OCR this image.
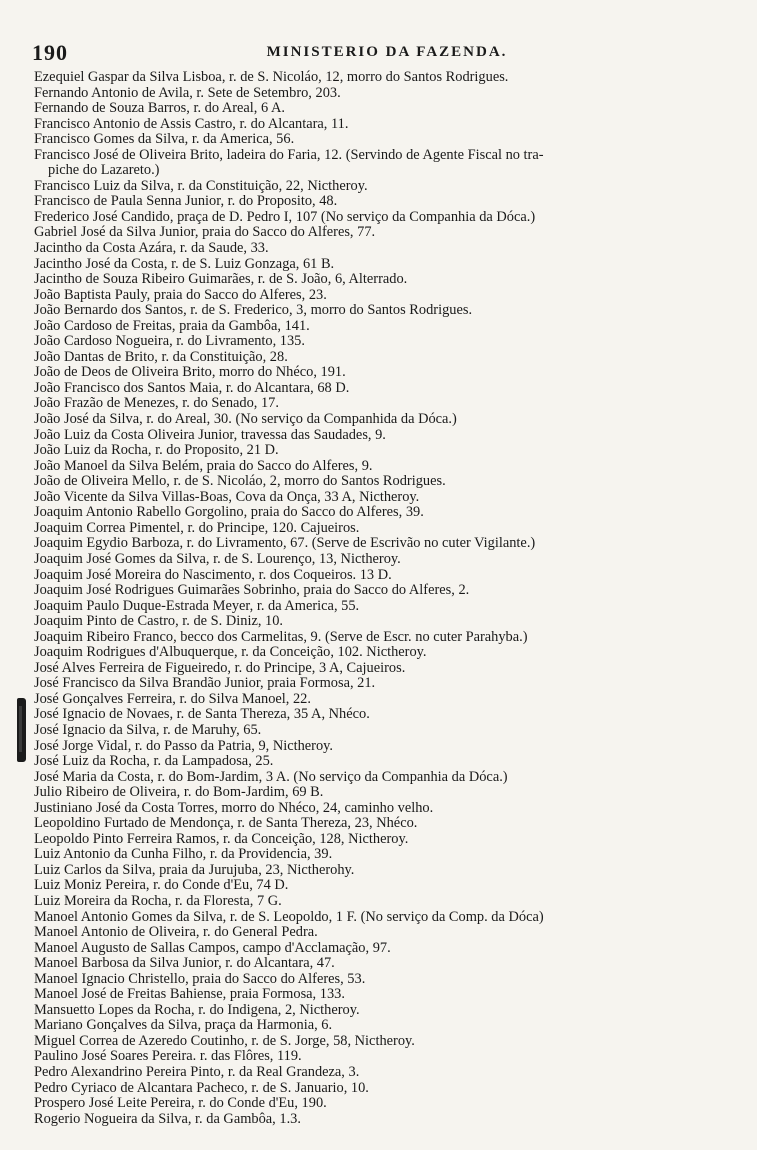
190	MINISTERIO DA FAZENDA.

Ezequiel Gaspar da Silva Lisboa, r. de S. Nicoláo, 12, morro do Santos Rodrigues.

Fernando Antonio de Avila, r. Sete de Setembro, 203.

Fernando de Souza Barros, r. do Areal, 6 A.

Francisco Antonio de Assis Castro, r. do Alcantara, 11.

Francisco Gomes da Silva, r. da America, 56.

Francisco José de Oliveira Brito, ladeira do Faria, 12. (Servindo de Agente Fiscal no tra-
piche do Lazareto.)

Francisco Luiz da Silva, r. da Constituição, 22, Nictheroy.

Francisco de Paula Senna Junior, r. do Proposito, 48.

Frederico José Candido, praça de D. Pedro I, 107 (No serviço da Companhia da Dóca.)

Gabriel José da Silva Junior, praia do Sacco do Alferes, 77.

Jacintho da Costa Azára, r. da Saude, 33.

Jacintho José da Costa, r. de S. Luiz Gonzaga, 61 B.

Jacintho de Souza Ribeiro Guimarães, r. de S. João, 6, Alterrado.

João Baptista Pauly, praia do Sacco do Alferes, 23.

João Bernardo dos Santos, r. de S. Frederico, 3, morro do Santos Rodrigues.

João Cardoso de Freitas, praia da Gambôa, 141.

João Cardoso Nogueira, r. do Livramento, 135.

João Dantas de Brito, r. da Constituição, 28.

João de Deos de Oliveira Brito, morro do Nhéco, 191.

João Francisco dos Santos Maia, r. do Alcantara, 68 D.

João Frazão de Menezes, r. do Senado, 17.

João José da Silva, r. do Areal, 30. (No serviço da Companhida da Dóca.)

João Luiz da Costa Oliveira Junior, travessa das Saudades, 9.

João Luiz da Rocha, r. do Proposito, 21 D.

João Manoel da Silva Belém, praia do Sacco do Alferes, 9.

João de Oliveira Mello, r. de S. Nicoláo, 2, morro do Santos Rodrigues.

João Vicente da Silva Villas-Boas, Cova da Onça, 33 A, Nictheroy.

Joaquim Antonio Rabello Gorgolino, praia do Sacco do Alferes, 39.

Joaquim Correa Pimentel, r. do Principe, 120. Cajueiros.

Joaquim Egydio Barboza, r. do Livramento, 67. (Serve de Escrivão no cuter Vigilante.)

Joaquim José Gomes da Silva, r. de S. Lourenço, 13, Nictheroy.

Joaquim José Moreira do Nascimento, r. dos Coqueiros. 13 D.

Joaquim José Rodrigues Guimarães Sobrinho, praia do Sacco do Alferes, 2.

Joaquim Paulo Duque-Estrada Meyer, r. da America, 55.

Joaquim Pinto de Castro, r. de S. Diniz, 10.

Joaquim Ribeiro Franco, becco dos Carmelitas, 9. (Serve de Escr. no cuter Parahyba.)

Joaquim Rodrigues d'Albuquerque, r. da Conceição, 102. Nictheroy.

José Alves Ferreira de Figueiredo, r. do Principe, 3 A, Cajueiros.

José Francisco da Silva Brandão Junior, praia Formosa, 21.

José Gonçalves Ferreira, r. do Silva Manoel, 22.

José Ignacio de Novaes, r. de Santa Thereza, 35 A, Nhéco.

José Ignacio da Silva, r. de Maruhy, 65.

José Jorge Vidal, r. do Passo da Patria, 9, Nictheroy.

José Luiz da Rocha, r. da Lampadosa, 25.

José Maria da Costa, r. do Bom-Jardim, 3 A. (No serviço da Companhia da Dóca.)

Julio Ribeiro de Oliveira, r. do Bom-Jardim, 69 B.

Justiniano José da Costa Torres, morro do Nhéco, 24, caminho velho.

Leopoldino Furtado de Mendonça, r. de Santa Thereza, 23, Nhéco.

Leopoldo Pinto Ferreira Ramos, r. da Conceição, 128, Nictheroy.

Luiz Antonio da Cunha Filho, r. da Providencia, 39.

Luiz Carlos da Silva, praia da Jurujuba, 23, Nictherohy.

Luiz Moniz Pereira, r. do Conde d'Eu, 74 D.

Luiz Moreira da Rocha, r. da Floresta, 7 G.

Manoel Antonio Gomes da Silva, r. de S. Leopoldo, 1 F. (No serviço da Comp. da Dóca)

Manoel Antonio de Oliveira, r. do General Pedra.

Manoel Augusto de Sallas Campos, campo d'Acclamação, 97.

Manoel Barbosa da Silva Junior, r. do Alcantara, 47.

Manoel Ignacio Christello, praia do Sacco do Alferes, 53.

Manoel José de Freitas Bahiense, praia Formosa, 133.

Mansuetto Lopes da Rocha, r. do Indigena, 2, Nictheroy.

Mariano Gonçalves da Silva, praça da Harmonia, 6.

Miguel Correa de Azeredo Coutinho, r. de S. Jorge, 58, Nictheroy.

Paulino José Soares Pereira. r. das Flôres, 119.

Pedro Alexandrino Pereira Pinto, r. da Real Grandeza, 3.

Pedro Cyriaco de Alcantara Pacheco, r. de S. Januario, 10.

Prospero José Leite Pereira, r. do Conde d'Eu, 190.

Rogerio Nogueira da Silva, r. da Gambôa, 1.3.
